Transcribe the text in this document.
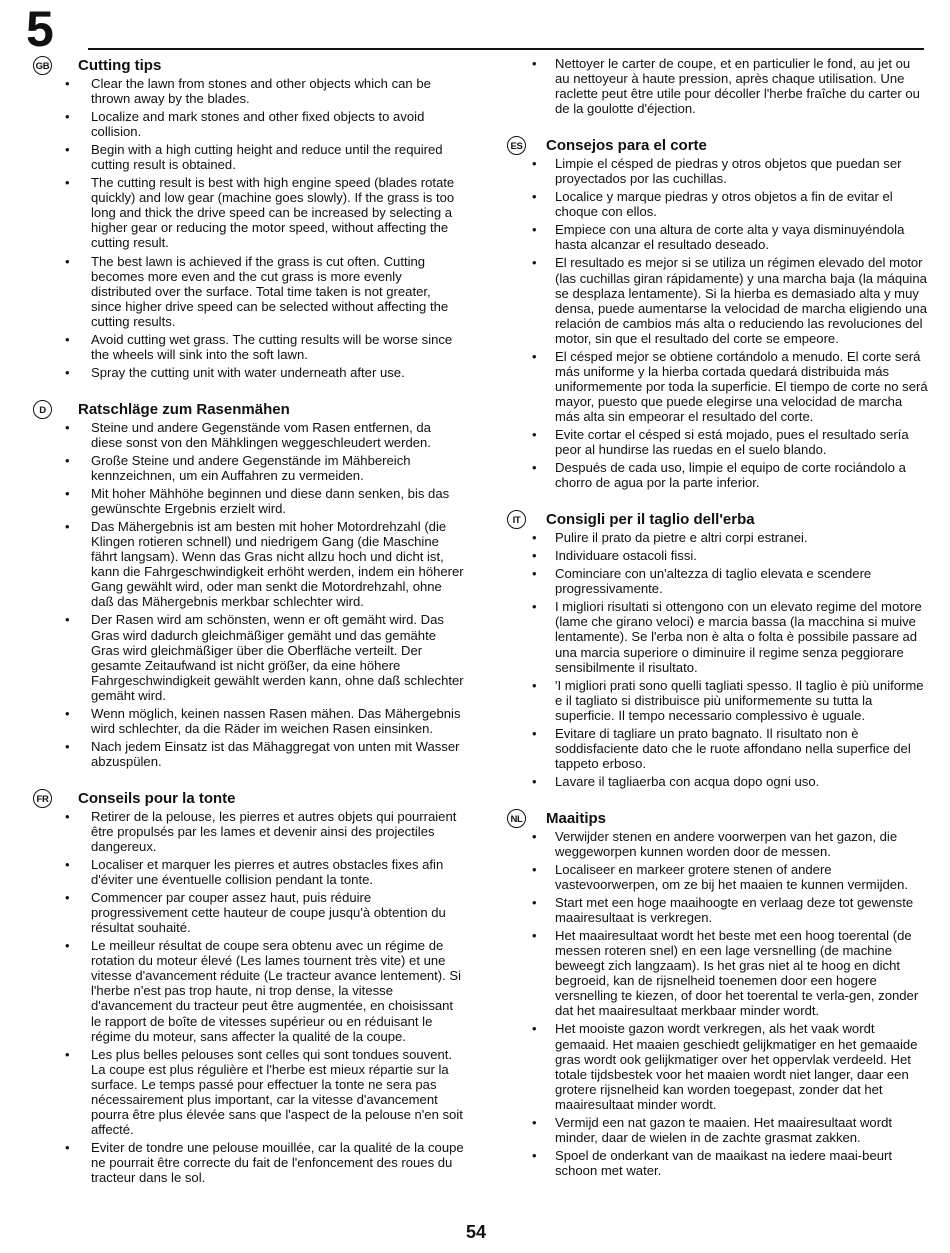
5
GB Cutting tips
• Clear the lawn from stones and other objects which can be thrown away by the blades.
• Localize and mark stones and other fixed objects to avoid collision.
• Begin with a high cutting height and reduce until the required cutting result is obtained.
• The cutting result is best with high engine speed (blades rotate quickly) and low gear (machine goes slowly). If the grass is too long and thick the drive speed can be increased by selecting a higher gear or reducing the motor speed, without affecting the cutting result.
• The best lawn is achieved if the grass is cut often. Cutting becomes more even and the cut grass is more evenly distributed over the surface. Total time taken is not greater, since higher drive speed can be selected without affecting the cutting results.
• Avoid cutting wet grass. The cutting results will be worse since the wheels will sink into the soft lawn.
• Spray the cutting unit with water underneath after use.
D	Ratschläge zum Rasenmähen
• Steine und andere Gegenstände vom Rasen entfernen, da diese sonst von den Mähklingen weggeschleudert werden.
• Große Steine und andere Gegenstände im Mähbereich kennzeichnen, um ein Auffahren zu vermeiden.
• Mit hoher Mähhöhe beginnen und diese dann senken, bis das gewünschte Ergebnis erzielt wird.
• Das Mähergebnis ist am besten mit hoher Motordrehzahl (die Klingen rotieren schnell) und niedrigem Gang (die Maschine fährt langsam). Wenn das Gras nicht allzu hoch und dicht ist, kann die Fahrgeschwindigkeit erhöht werden, indem ein höherer Gang gewählt wird, oder man senkt die Motordrehzahl, ohne daß das Mähergebnis merkbar schlechter wird.
• Der Rasen wird am schönsten, wenn er oft gemäht wird. Das Gras wird dadurch gleichmäßiger gemäht und das gemähte Gras wird gleichmäßiger über die Oberfläche verteilt. Der gesamte Zeitaufwand ist nicht größer, da eine höhere Fahrgeschwindigkeit gewählt werden kann, ohne daß schlechter gemäht wird.
• Wenn möglich, keinen nassen Rasen mähen. Das Mähergebnis wird schlechter, da die Räder im weichen Rasen einsinken.
• Nach jedem Einsatz ist das Mähaggregat von unten mit Wasser abzuspülen.
FR Conseils pour la tonte
• Retirer de la pelouse, les pierres et autres objets qui pourraient être propulsés par les lames et devenir ainsi des projectiles dangereux.
• Localiser et marquer les pierres et autres obstacles fixes afin d'éviter une éventuelle collision pendant la tonte.
• Commencer par couper assez haut, puis réduire progressivement cette hauteur de coupe jusqu'à obtention du résultat souhaité.
• Le meilleur résultat de coupe sera obtenu avec un régime de rotation du moteur élevé (Les lames tournent très vite) et une vitesse d'avancement réduite (Le tracteur avance lentement). Si l'herbe n'est pas trop haute, ni trop dense, la vitesse d'avancement du tracteur peut être augmentée, en choisissant le rapport de boîte de vitesses supérieur ou en réduisant le régime du moteur, sans affecter la qualité de la coupe.
• Les plus belles pelouses sont celles qui sont tondues souvent. La coupe est plus régulière et l'herbe est mieux répartie sur la surface. Le temps passé pour effectuer la tonte ne sera pas nécessairement plus important, car la vitesse d'avancement pourra être plus élevée sans que l'aspect de la pelouse n'en soit affecté.
• Eviter de tondre une pelouse mouillée, car la qualité de la coupe ne pourrait être correcte du fait de l'enfoncement des roues du tracteur dans le sol.
• Nettoyer le carter de coupe, et en particulier le fond, au jet ou au nettoyeur à haute pression, après chaque utilisation. Une raclette peut être utile pour décoller l'herbe fraîche du carter ou de la goulotte d'éjection.
ES Consejos para el corte
• Limpie el césped de piedras y otros objetos que puedan ser proyectados por las cuchillas.
• Localice y marque piedras y otros objetos a fin de evitar el choque con ellos.
• Empiece con una altura de corte alta y vaya disminuyéndola hasta alcanzar el resultado deseado.
• El resultado es mejor si se utiliza un régimen elevado del motor (las cuchillas giran rápidamente) y una marcha baja (la máquina se desplaza lentamente). Si la hierba es demasiado alta y muy densa, puede aumentarse la velocidad de marcha eligiendo una relación de cambios más alta o reduciendo las revoluciones del motor, sin que el resultado del corte se empeore.
• El césped mejor se obtiene cortándolo a menudo. El corte será más uniforme y la hierba cortada quedará distribuida más uniformemente por toda la superficie. El tiempo de corte no será mayor, puesto que puede elegirse una velocidad de marcha más alta sin empeorar el resultado del corte.
• Evite cortar el césped si está mojado, pues el resultado sería peor al hundirse las ruedas en el suelo blando.
• Después de cada uso, limpie el equipo de corte rociándolo a chorro de agua por la parte inferior.
IT	Consigli per il taglio dell'erba
• Pulire il prato da pietre e altri corpi estranei.
• Individuare ostacoli fissi.
• Cominciare con un'altezza di taglio elevata e scendere progressivamente.
• I migliori risultati si ottengono con un elevato regime del motore (lame che girano veloci) e marcia bassa (la macchina si muive lentamente). Se l'erba non è alta o folta è possibile passare ad una marcia superiore o diminuire il regime senza peggiorare sensibilmente il risultato.
• 'I migliori prati sono quelli tagliati spesso. Il taglio è più uniforme e il tagliato si distribuisce più uniformemente su tutta la superficie. Il tempo necessario complessivo è uguale.
• Evitare di tagliare un prato bagnato. Il risultato non è soddisfaciente dato che le ruote affondano nella superfice del tappeto erboso.
• Lavare il tagliaerba con acqua dopo ogni uso.
NL Maaitips
• Verwijder stenen en andere voorwerpen van het gazon, die weggeworpen kunnen worden door de messen.
• Localiseer en markeer grotere stenen of andere vastevoorwerpen, om ze bij het maaien te kunnen vermijden.
• Start met een hoge maaihoogte en verlaag deze tot gewenste maairesultaat is verkregen.
• Het maairesultaat wordt het beste met een hoog toerental (de messen roteren snel) en een lage versnelling (de machine beweegt zich langzaam). Is het gras niet al te hoog en dicht begroeid, kan de rijsnelheid toenemen door een hogere versnelling te kiezen, of door het toerental te verla-gen, zonder dat het maairesultaat merkbaar minder wordt.
• Het mooiste gazon wordt verkregen, als het vaak wordt gemaaid. Het maaien geschiedt gelijkmatiger en het gemaaide gras wordt ook gelijkmatiger over het oppervlak verdeeld. Het totale tijdsbestek voor het maaien wordt niet langer, daar een grotere rijsnelheid kan worden toegepast, zonder dat het maairesultaat minder wordt.
• Vermijd een nat gazon te maaien. Het maairesultaat wordt minder, daar de wielen in de zachte grasmat zakken.
• Spoel de onderkant van de maaikast na iedere maai-beurt schoon met water.
54
